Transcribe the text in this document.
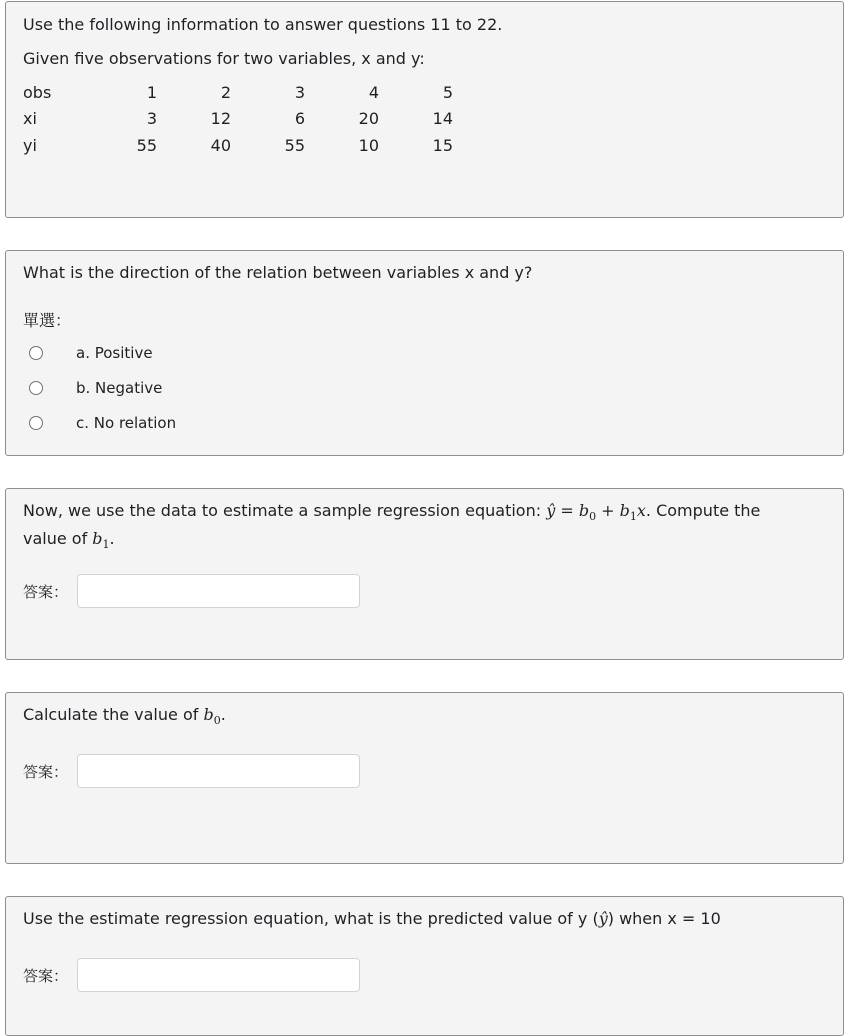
Use the following information to answer questions 11 to 22.

Given five observations for two variables, x and y:

obs	1	2	3	4	5
xi	3	12	6	20	14
yi	55	40	55	10	15

What is the direction of the relation between variables x and y?

單選：
a. Positive
b. Negative
c. No relation

Now, we use the data to estimate a sample regression equation: ŷ = $b_0 + b_1x$. Compute the
value of $b_1$.

答案：

Calculate the value of $b_0$.

答案：

Use the estimate regression equation, what is the predicted value of y (ŷ) when x = 10

答案：
